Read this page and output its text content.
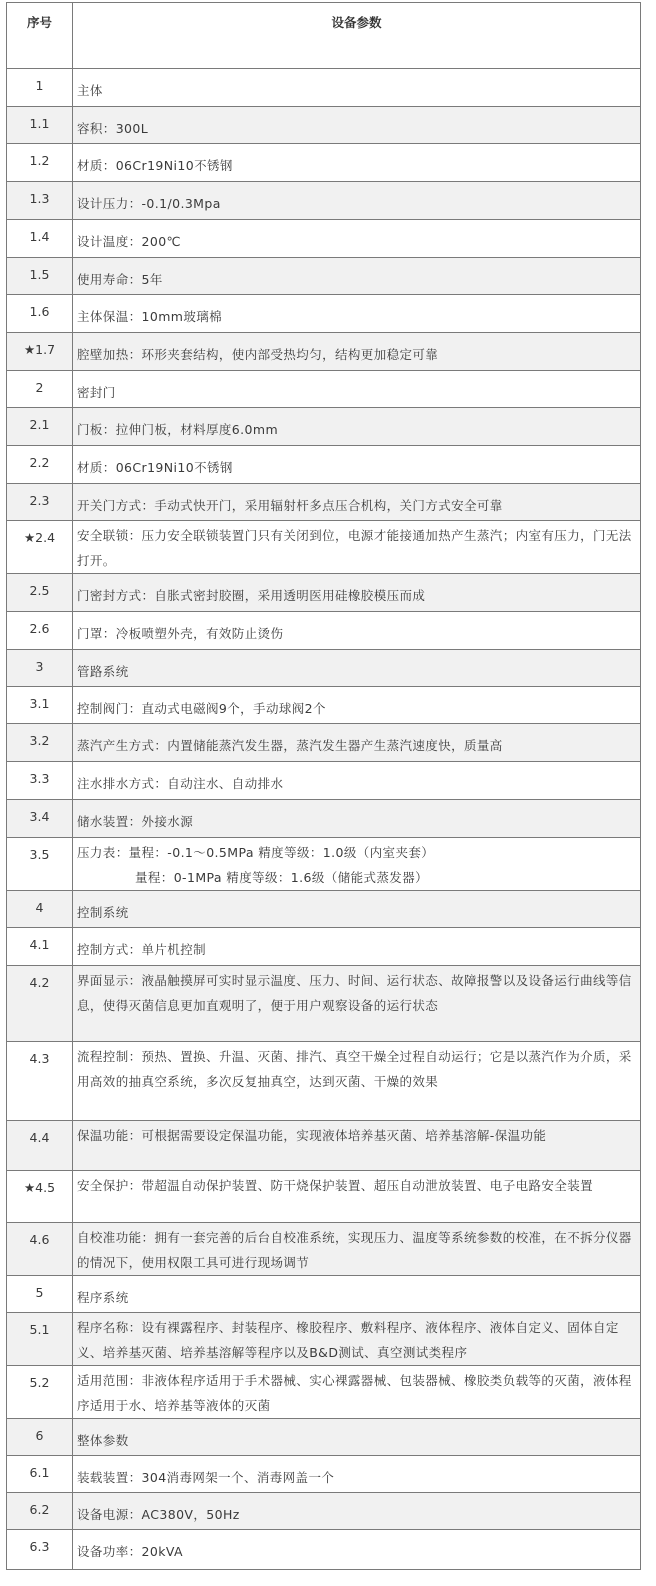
序号	设备参数
1	主体
1.1	容积：300L
1.2	材质：06Cr19Ni10不锈钢
1.3	设计压力：-0.1/0.3Mpa
1.4	设计温度：200℃
1.5	使用寿命：5年
1.6	主体保温：10mm玻璃棉
★1.7	腔壁加热：环形夹套结构，使内部受热均匀，结构更加稳定可靠
2	密封门
2.1	门板：拉伸门板，材料厚度6.0mm
2.2	材质：06Cr19Ni10不锈钢
2.3	开关门方式：手动式快开门，采用辐射杆多点压合机构，关门方式安全可靠
★2.4	安全联锁：压力安全联锁装置门只有关闭到位，电源才能接通加热产生蒸汽；内室有压力，门无法打开。
2.5	门密封方式：自胀式密封胶圈，采用透明医用硅橡胶模压而成
2.6	门罩：冷板喷塑外壳，有效防止烫伤
3	管路系统
3.1	控制阀门：直动式电磁阀9个，手动球阀2个
3.2	蒸汽产生方式：内置储能蒸汽发生器，蒸汽发生器产生蒸汽速度快，质量高
3.3	注水排水方式：自动注水、自动排水
3.4	储水装置：外接水源
3.5	压力表：量程：-0.1～0.5MPa 精度等级：1.0级（内室夹套）
量程：0-1MPa 精度等级：1.6级（储能式蒸发器）

4	控制系统
4.1	控制方式：单片机控制
4.2	界面显示：液晶触摸屏可实时显示温度、压力、时间、运行状态、故障报警以及设备运行曲线等信息，使得灭菌信息更加直观明了，便于用户观察设备的运行状态
4.3	流程控制：预热、置换、升温、灭菌、排汽、真空干燥全过程自动运行；它是以蒸汽作为介质，采用高效的抽真空系统，多次反复抽真空，达到灭菌、干燥的效果
4.4	保温功能：可根据需要设定保温功能，实现液体培养基灭菌、培养基溶解-保温功能
★4.5	安全保护：带超温自动保护装置、防干烧保护装置、超压自动泄放装置、电子电路安全装置
4.6	自校准功能：拥有一套完善的后台自校准系统，实现压力、温度等系统参数的校准，在不拆分仪器的情况下，使用权限工具可进行现场调节
5	程序系统
5.1	程序名称：设有裸露程序、封装程序、橡胶程序、敷料程序、液体程序、液体自定义、固体自定义、培养基灭菌、培养基溶解等程序以及B&D测试、真空测试类程序
5.2	适用范围：非液体程序适用于手术器械、实心裸露器械、包装器械、橡胶类负载等的灭菌，液体程序适用于水、培养基等液体的灭菌
6	整体参数
6.1	装载装置：304消毒网架一个、消毒网盖一个
6.2	设备电源：AC380V，50Hz
6.3	设备功率：20kVA
